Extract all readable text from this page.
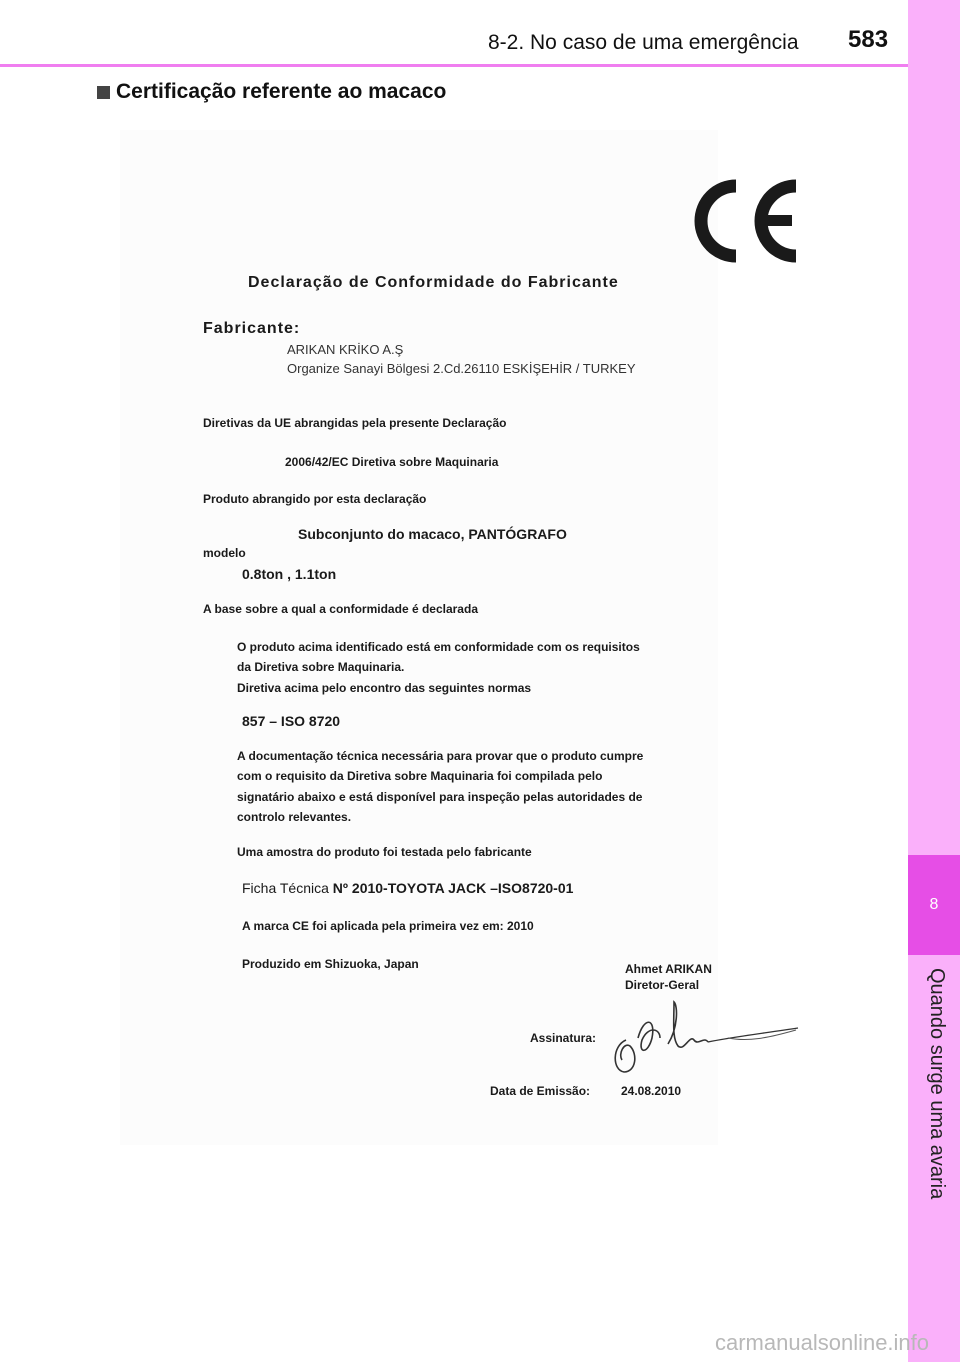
8-2. No caso de uma emergência 583
8
Quando surge uma avaria
Certificação referente ao macaco
Declaração de Conformidade do Fabricante
Fabricante:
ARIKAN KRİKO A.Ş
Organize Sanayi Bölgesi 2.Cd.26110 ESKİŞEHİR / TURKEY
Diretivas da UE abrangidas pela presente Declaração
2006/42/EC Diretiva sobre Maquinaria
Produto abrangido por esta declaração
Subconjunto do macaco, PANTÓGRAFO
modelo
0.8ton , 1.1ton
A base sobre a qual a conformidade é declarada
O produto acima identificado está em conformidade com os requisitos
da Diretiva sobre Maquinaria.
Diretiva acima pelo encontro das seguintes normas
857 – ISO 8720
A documentação técnica necessária para provar que o produto cumpre
com o requisito da Diretiva sobre Maquinaria foi compilada pelo
signatário abaixo e está disponível para inspeção pelas autoridades de
controlo relevantes.
Uma amostra do produto foi testada pelo fabricante
Ficha Técnica Nº 2010-TOYOTA JACK –ISO8720-01
A marca CE foi aplicada pela primeira vez em: 2010
Produzido em Shizuoka, Japan	Ahmet ARIKAN
Diretor-Geral
Assinatura:
Data de Emissão:	24.08.2010
carmanualsonline.info
